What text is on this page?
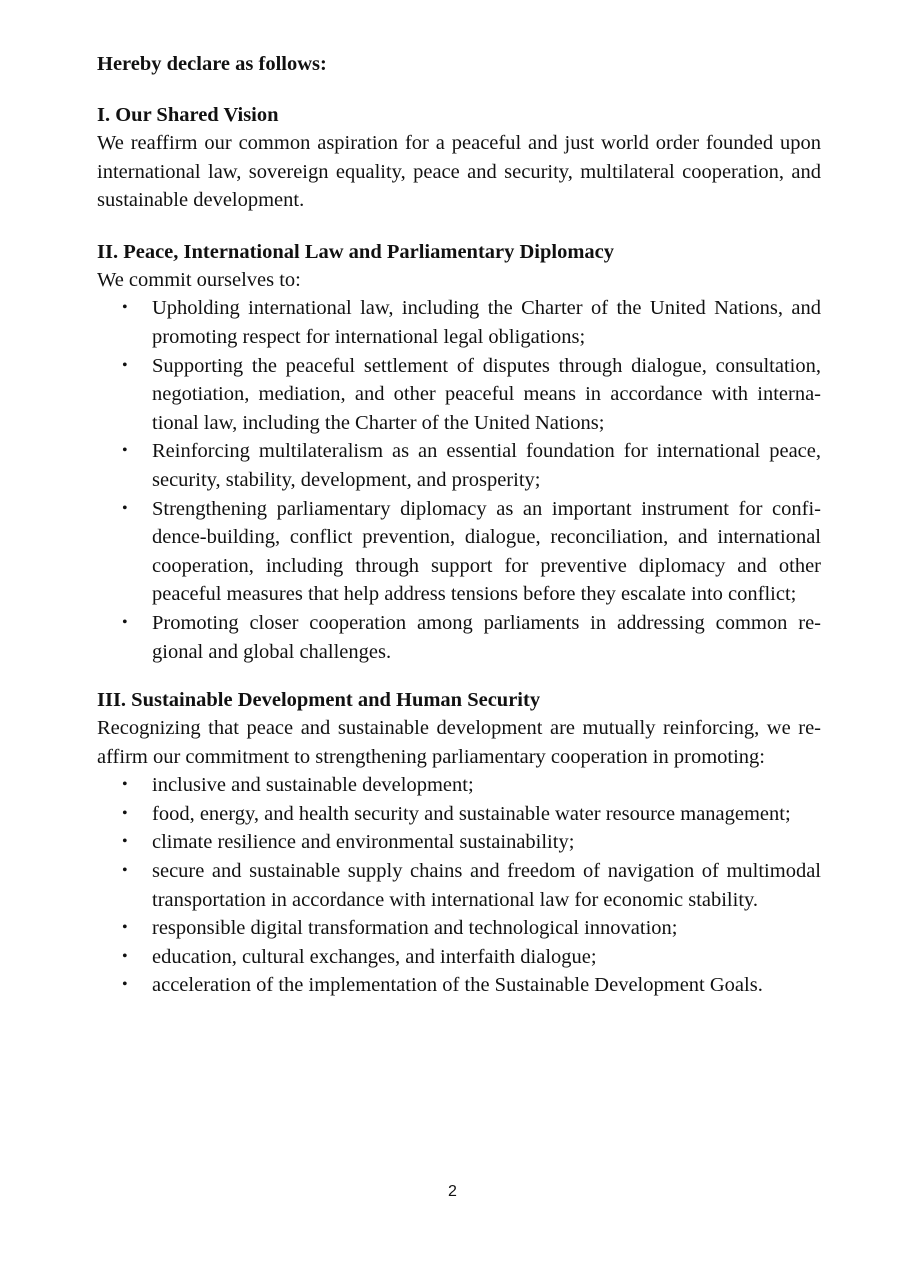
Hereby declare as follows:
I. Our Shared Vision

We reaffirm our common aspiration for a peaceful and just world order founded upon international law, sovereign equality, peace and security, multilateral cooperation, and sustainable development.

II. Peace, International Law and Parliamentary Diplomacy

We commit ourselves to:

• Upholding international law, including the Charter of the United Nations, and promoting respect for international legal obligations;
• Supporting the peaceful settlement of disputes through dialogue, consultation, negotiation, mediation, and other peaceful means in accordance with interna-tional law, including the Charter of the United Nations;
• Reinforcing multilateralism as an essential foundation for international peace, security, stability, development, and prosperity;
• Strengthening parliamentary diplomacy as an important instrument for confi-dence-building, conflict prevention, dialogue, reconciliation, and international cooperation, including through support for preventive diplomacy and other peaceful measures that help address tensions before they escalate into conflict;
• Promoting closer cooperation among parliaments in addressing common re-gional and global challenges.
III. Sustainable Development and Human Security

Recognizing that peace and sustainable development are mutually reinforcing, we re-affirm our commitment to strengthening parliamentary cooperation in promoting:

• inclusive and sustainable development;
• food, energy, and health security and sustainable water resource management;
• climate resilience and environmental sustainability;
• secure and sustainable supply chains and freedom of navigation of multimodal transportation in accordance with international law for economic stability.
• responsible digital transformation and technological innovation;
• education, cultural exchanges, and interfaith dialogue;
• acceleration of the implementation of the Sustainable Development Goals.
2
